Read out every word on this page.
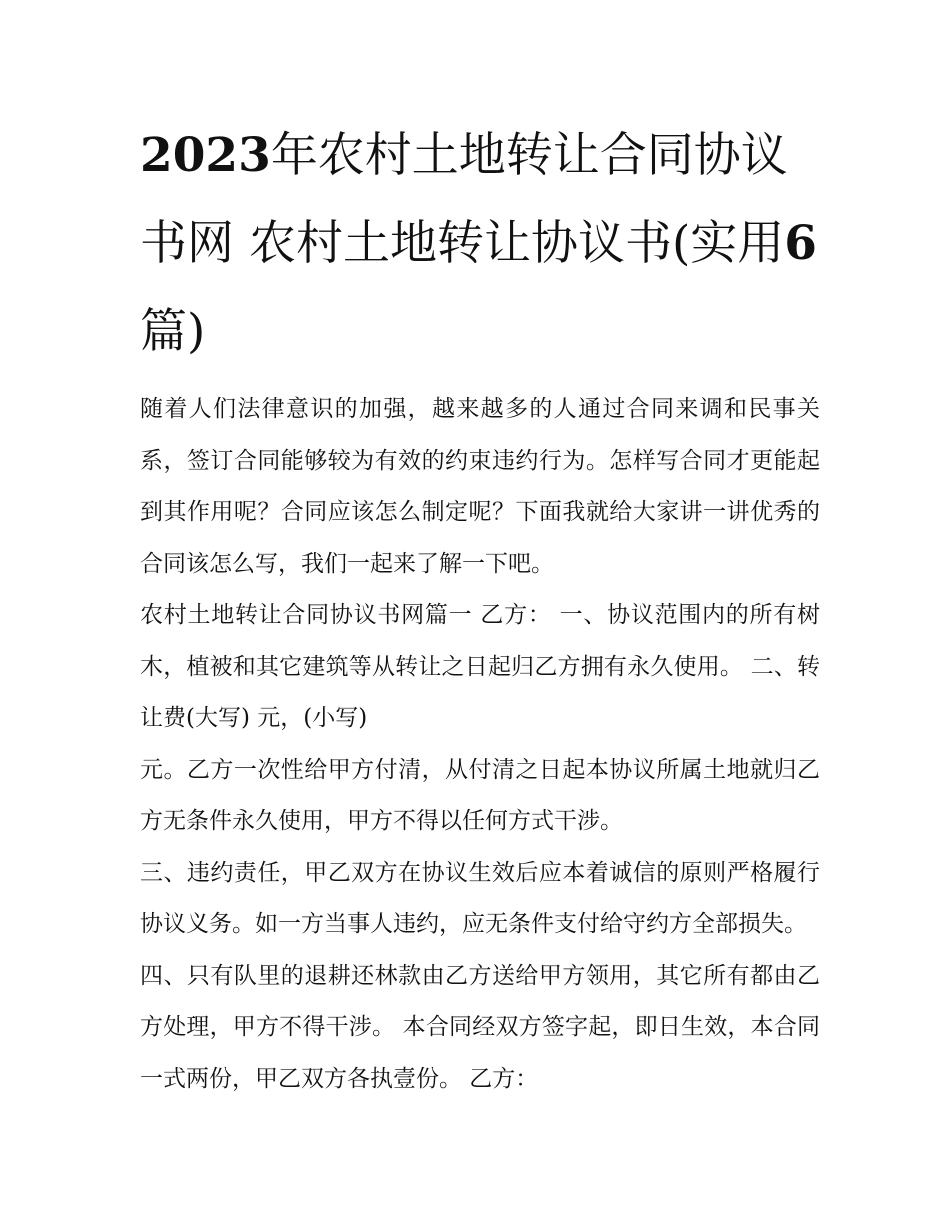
2023年农村土地转让合同协议书网 农村土地转让协议书(实用6篇)

随着人们法律意识的加强，越来越多的人通过合同来调和民事关系，签订合同能够较为有效的约束违约行为。怎样写合同才更能起到其作用呢？合同应该怎么制定呢？下面我就给大家讲一讲优秀的合同该怎么写，我们一起来了解一下吧。

农村土地转让合同协议书网篇一 乙方： 一、协议范围内的所有树木，植被和其它建筑等从转让之日起归乙方拥有永久使用。 二、转让费(大写) 元，(小写)

元。乙方一次性给甲方付清，从付清之日起本协议所属土地就归乙方无条件永久使用，甲方不得以任何方式干涉。

三、违约责任，甲乙双方在协议生效后应本着诚信的原则严格履行协议义务。如一方当事人违约，应无条件支付给守约方全部损失。

四、只有队里的退耕还林款由乙方送给甲方领用，其它所有都由乙方处理，甲方不得干涉。 本合同经双方签字起，即日生效，本合同一式两份，甲乙双方各执壹份。 乙方：
